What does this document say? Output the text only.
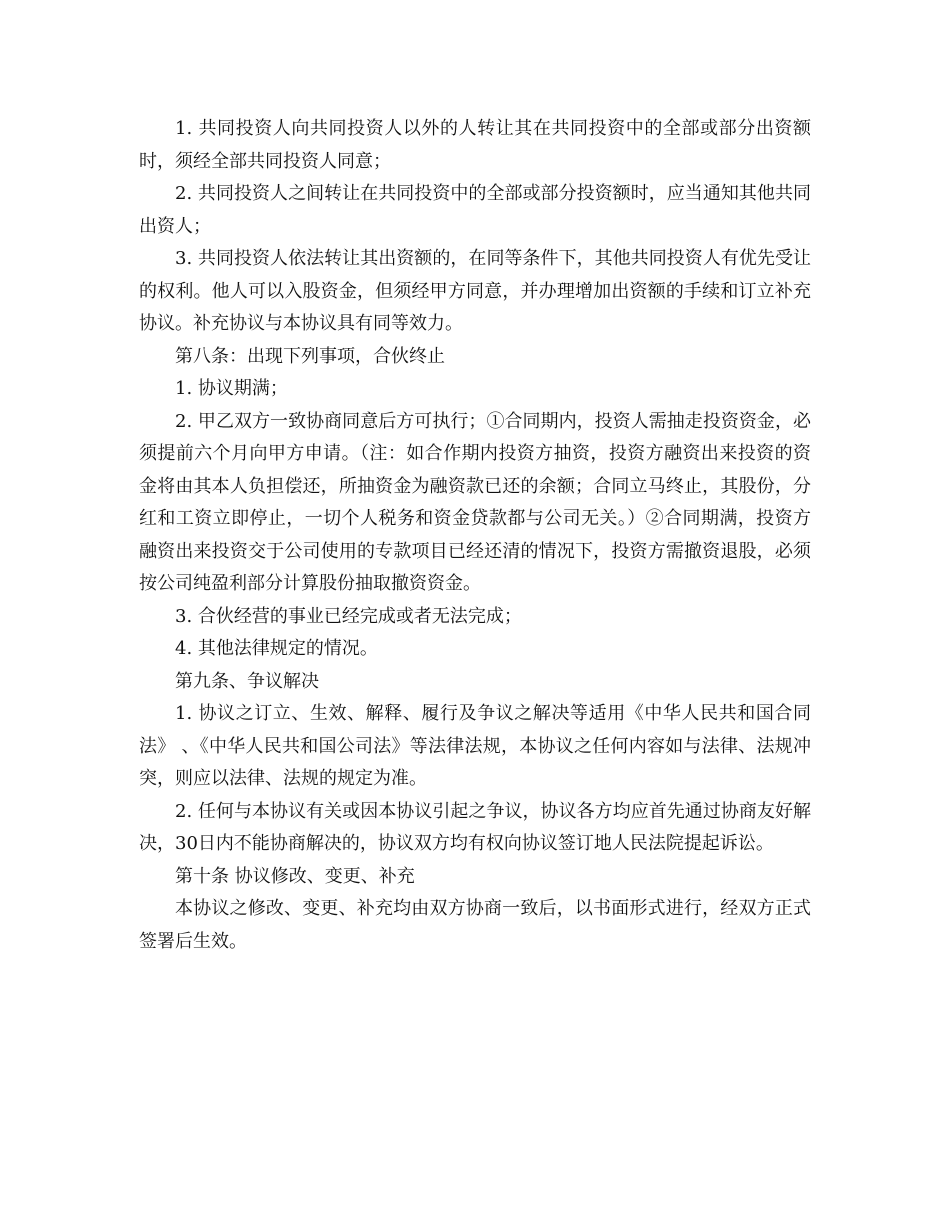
1. 共同投资人向共同投资人以外的人转让其在共同投资中的全部或部分出资额时，须经全部共同投资人同意；

2. 共同投资人之间转让在共同投资中的全部或部分投资额时，应当通知其他共同出资人；

3. 共同投资人依法转让其出资额的，在同等条件下，其他共同投资人有优先受让的权利。他人可以入股资金，但须经甲方同意，并办理增加出资额的手续和订立补充协议。补充协议与本协议具有同等效力。

第八条：出现下列事项，合伙终止

1. 协议期满；

2. 甲乙双方一致协商同意后方可执行；①合同期内，投资人需抽走投资资金，必须提前六个月向甲方申请。（注：如合作期内投资方抽资，投资方融资出来投资的资金将由其本人负担偿还，所抽资金为融资款已还的余额；合同立马终止，其股份，分红和工资立即停止，一切个人税务和资金贷款都与公司无关。）②合同期满，投资方融资出来投资交于公司使用的专款项目已经还清的情况下，投资方需撤资退股，必须按公司纯盈利部分计算股份抽取撤资资金。

3. 合伙经营的事业已经完成或者无法完成；

4. 其他法律规定的情况。

第九条、争议解决

1. 协议之订立、生效、解释、履行及争议之解决等适用《中华人民共和国合同法》 、《中华人民共和国公司法》等法律法规，本协议之任何内容如与法律、法规冲突，则应以法律、法规的规定为准。

2. 任何与本协议有关或因本协议引起之争议，协议各方均应首先通过协商友好解决，30日内不能协商解决的，协议双方均有权向协议签订地人民法院提起诉讼。

第十条 协议修改、变更、补充

本协议之修改、变更、补充均由双方协商一致后，以书面形式进行，经双方正式签署后生效。
